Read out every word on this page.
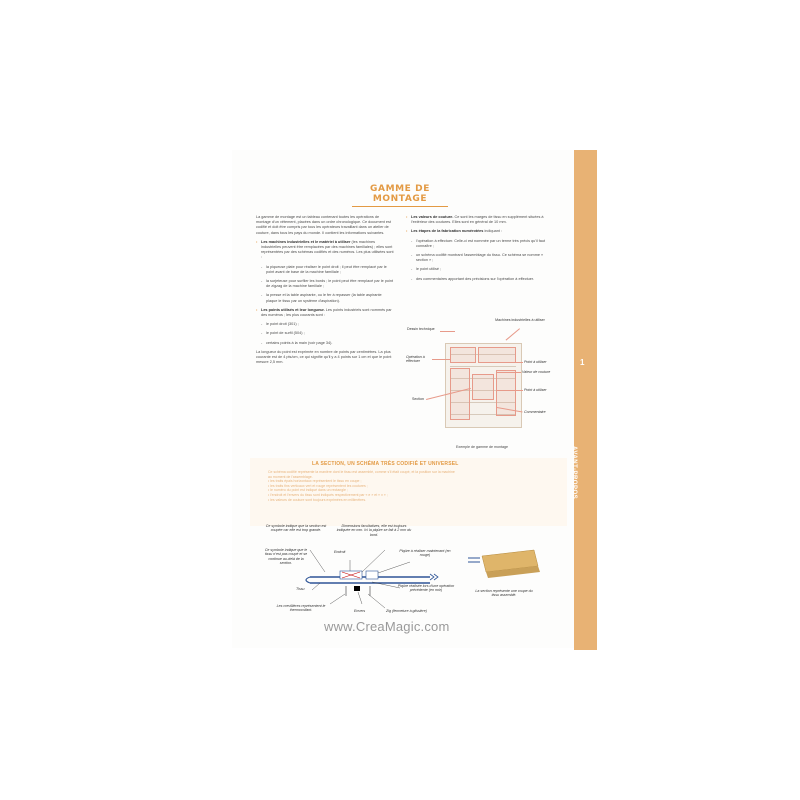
1
AVANT-PROPOS
GAMME DE MONTAGE

La gamme de montage est un tableau contenant toutes les opérations de montage d'un vêtement, placées dans un ordre chronologique. Ce document est codifié et doit être compris par tous les opérateurs travaillant dans un atelier de couture, dans tous les pays du monde. Il contient les informations suivantes.

• Les machines industrielles et le matériel à utiliser (les machines industrielles peuvent être remplacées par des machines familiales) ; elles sont représentées par des schémas codifiés et des numéros. Les plus utilisées sont :

- la piqueuse plate pour réaliser le point droit ; il peut être remplacé par le point avant de base de la machine familiale ;

- la surjeteuse pour surfiler les bords ; le point peut être remplacé par le point de zigzag de la machine familiale ;

- la presse et la table aspirante, ou le fer à repasser (la table aspirante plaque le tissu par un système d'aspiration).

• Les points utilisés et leur longueur. Les points industriels sont nommés par des numéros ; les plus courants sont :

- le point droit (301) ;

- le point de surfil (504) ;

- certains points à la main (voir page 34).

La longueur du point est exprimée en nombre de points par centimètres. La plus courante est de 4 pts/cm, ce qui signifie qu'il y a 4 points sur 1 cm et que le point mesure 2,5 mm.

• Les valeurs de couture. Ce sont les marges de tissu en supplément situées à l'extérieur des coutures. Elles sont en général de 10 mm.

• Les étapes de la fabrication numérotées indiquant :

- l'opération à effectuer. Celle-ci est nommée par un terme très précis qu'il faut connaître ;

- un schéma codifié montrant l'assemblage du tissu. Ce schéma se nomme « section » ;

- le point utilisé ;

- des commentaires apportant des précisions sur l'opération à effectuer.

Dessin technique
Machines industrielles à utiliser
Opération à effectuer	Point à utiliser
Valeur de couture
Section
Point à utiliser
Commentaire
Exemple de gamme de montage
LA SECTION, UN SCHÉMA TRÈS CODIFIÉ ET UNIVERSEL

Ce schéma codifié représente la manière dont le tissu est assemblé, comme s'il était coupé, et la position sur la machine

au moment de l'assemblage.

• les traits épais horizontaux représentent le tissu en coupe ;

• les traits fins verticaux vert et rouge représentent les coutures ;

• le numéro du point est indiqué dans un rectangle ;

• l'endroit et l'envers du tissu sont indiqués respectivement par « e » et « v » ;

• les valeurs de couture sont toujours exprimées en millimètres.

Ce symbole indique que la section est coupée car elle est trop grande.
Dimensions facultatives, elle est toujours indiquée en mm. Ici la piqûre se fait à 2 mm du bord.
Ce symbole indique que le tissu n'est pas coupé et se continue au-delà de la section.
Endroit	Piqûre à réaliser maintenant (en rouge)
Tissu
Piqûre réalisée lors d'une opération précédente (en noir)
Les crevillières représentent le thermocollant.	Envers	Zig (fermeture à glissière)
La section représente une coupe du tissu assemblé.
www.CreaMagic.com
